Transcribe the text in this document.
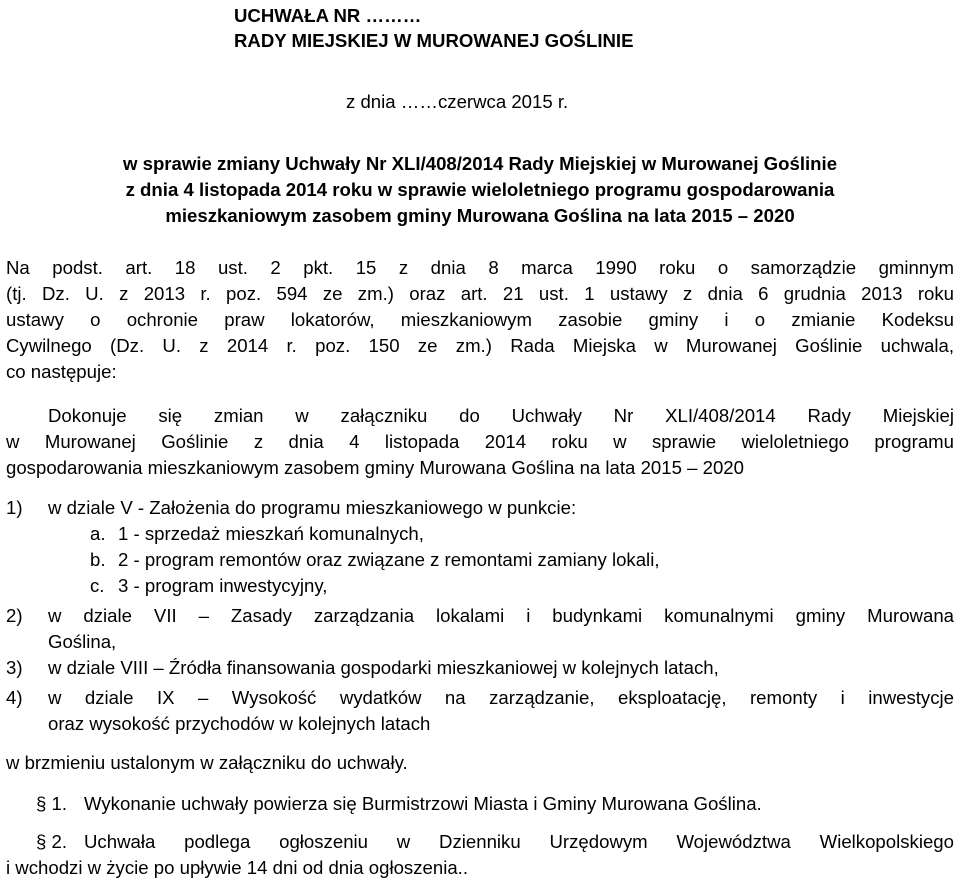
UCHWAŁA NR ………
RADY MIEJSKIEJ W MUROWANEJ GOŚLINIE
z dnia ……czerwca 2015 r.
w sprawie zmiany Uchwały Nr XLI/408/2014 Rady Miejskiej w Murowanej Goślinie
z dnia 4 listopada 2014 roku w sprawie wieloletniego programu gospodarowania
mieszkaniowym zasobem gminy Murowana Goślina na lata 2015 – 2020
Na podst. art. 18 ust. 2 pkt. 15 z dnia 8 marca 1990 roku o samorządzie gminnym
(tj. Dz. U. z 2013 r. poz. 594 ze zm.) oraz art. 21 ust. 1 ustawy z dnia 6 grudnia 2013 roku
ustawy o ochronie praw lokatorów, mieszkaniowym zasobie gminy i o zmianie Kodeksu
Cywilnego (Dz. U. z 2014 r. poz. 150 ze zm.) Rada Miejska w Murowanej Goślinie uchwala,
co następuje:
Dokonuje się zmian w załączniku do Uchwały Nr XLI/408/2014 Rady Miejskiej
w Murowanej Goślinie z dnia 4 listopada 2014 roku w sprawie wieloletniego programu
gospodarowania mieszkaniowym zasobem gminy Murowana Goślina na lata 2015 – 2020
1) w dziale V - Założenia do programu mieszkaniowego w punkcie:
a. 1 - sprzedaż mieszkań komunalnych,
b. 2 - program remontów oraz związane z remontami zamiany lokali,
c. 3 - program inwestycyjny,
2) w dziale VII – Zasady zarządzania lokalami i budynkami komunalnymi gminy Murowana
Goślina,
3) w dziale VIII – Źródła finansowania gospodarki mieszkaniowej w kolejnych latach,
4) w dziale IX – Wysokość wydatków na zarządzanie, eksploatację, remonty i inwestycje
oraz wysokość przychodów w kolejnych latach
w brzmieniu ustalonym w załączniku do uchwały.
§ 1. Wykonanie uchwały powierza się Burmistrzowi Miasta i Gminy Murowana Goślina.
§ 2. Uchwała podlega ogłoszeniu w Dzienniku Urzędowym Województwa Wielkopolskiego
i wchodzi w życie po upływie 14 dni od dnia ogłoszenia..
